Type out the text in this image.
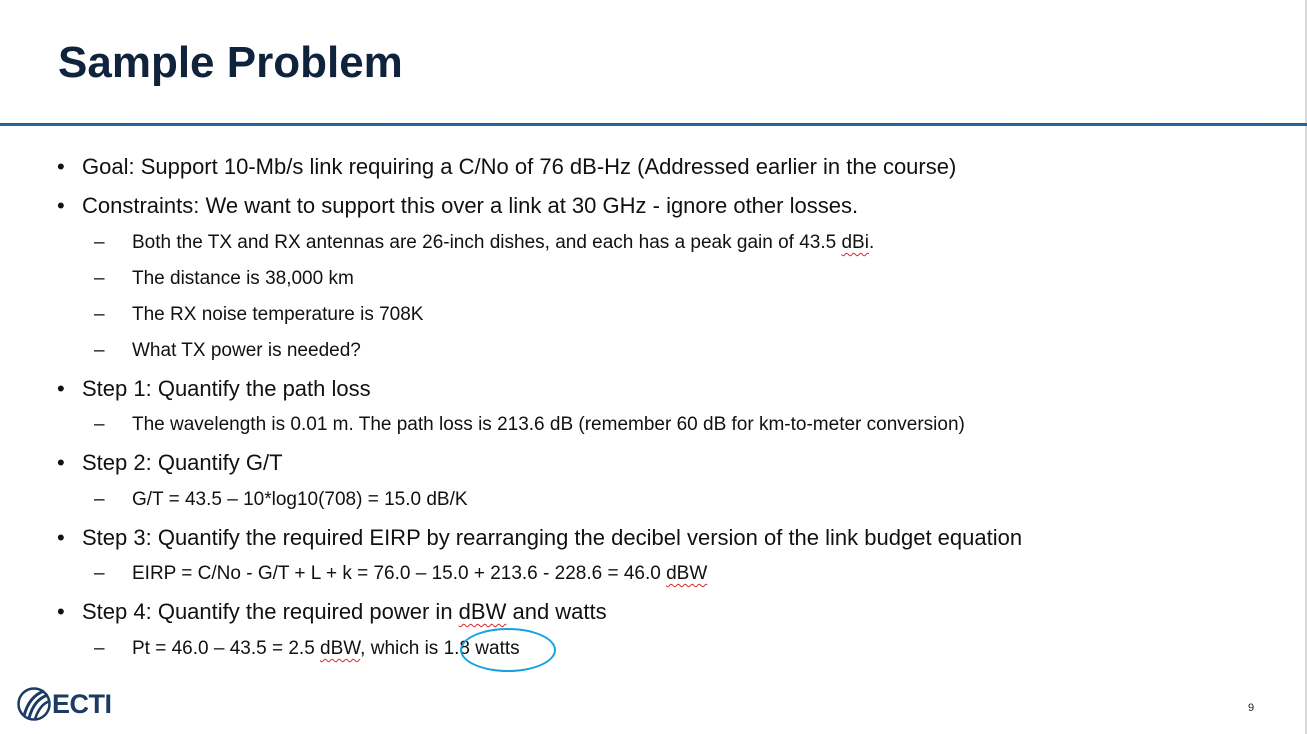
Sample Problem
• Goal: Support 10-Mb/s link requiring a C/No of 76 dB-Hz (Addressed earlier in the course)
• Constraints: We want to support this over a link at 30 GHz - ignore other losses.
– Both the TX and RX antennas are 26-inch dishes, and each has a peak gain of 43.5 dBi.
– The distance is 38,000 km
– The RX noise temperature is 708K
– What TX power is needed?
• Step 1: Quantify the path loss
– The wavelength is 0.01 m. The path loss is 213.6 dB (remember 60 dB for km-to-meter conversion)
• Step 2: Quantify G/T
– G/T = 43.5 – 10*log10(708) = 15.0 dB/K
• Step 3: Quantify the required EIRP by rearranging the decibel version of the link budget equation
– EIRP = C/No - G/T + L + k = 76.0 – 15.0 + 213.6 - 228.6 = 46.0 dBW
• Step 4: Quantify the required power in dBW and watts
– Pt = 46.0 – 43.5 = 2.5 dBW, which is 1.8 watts
ECTI	9
